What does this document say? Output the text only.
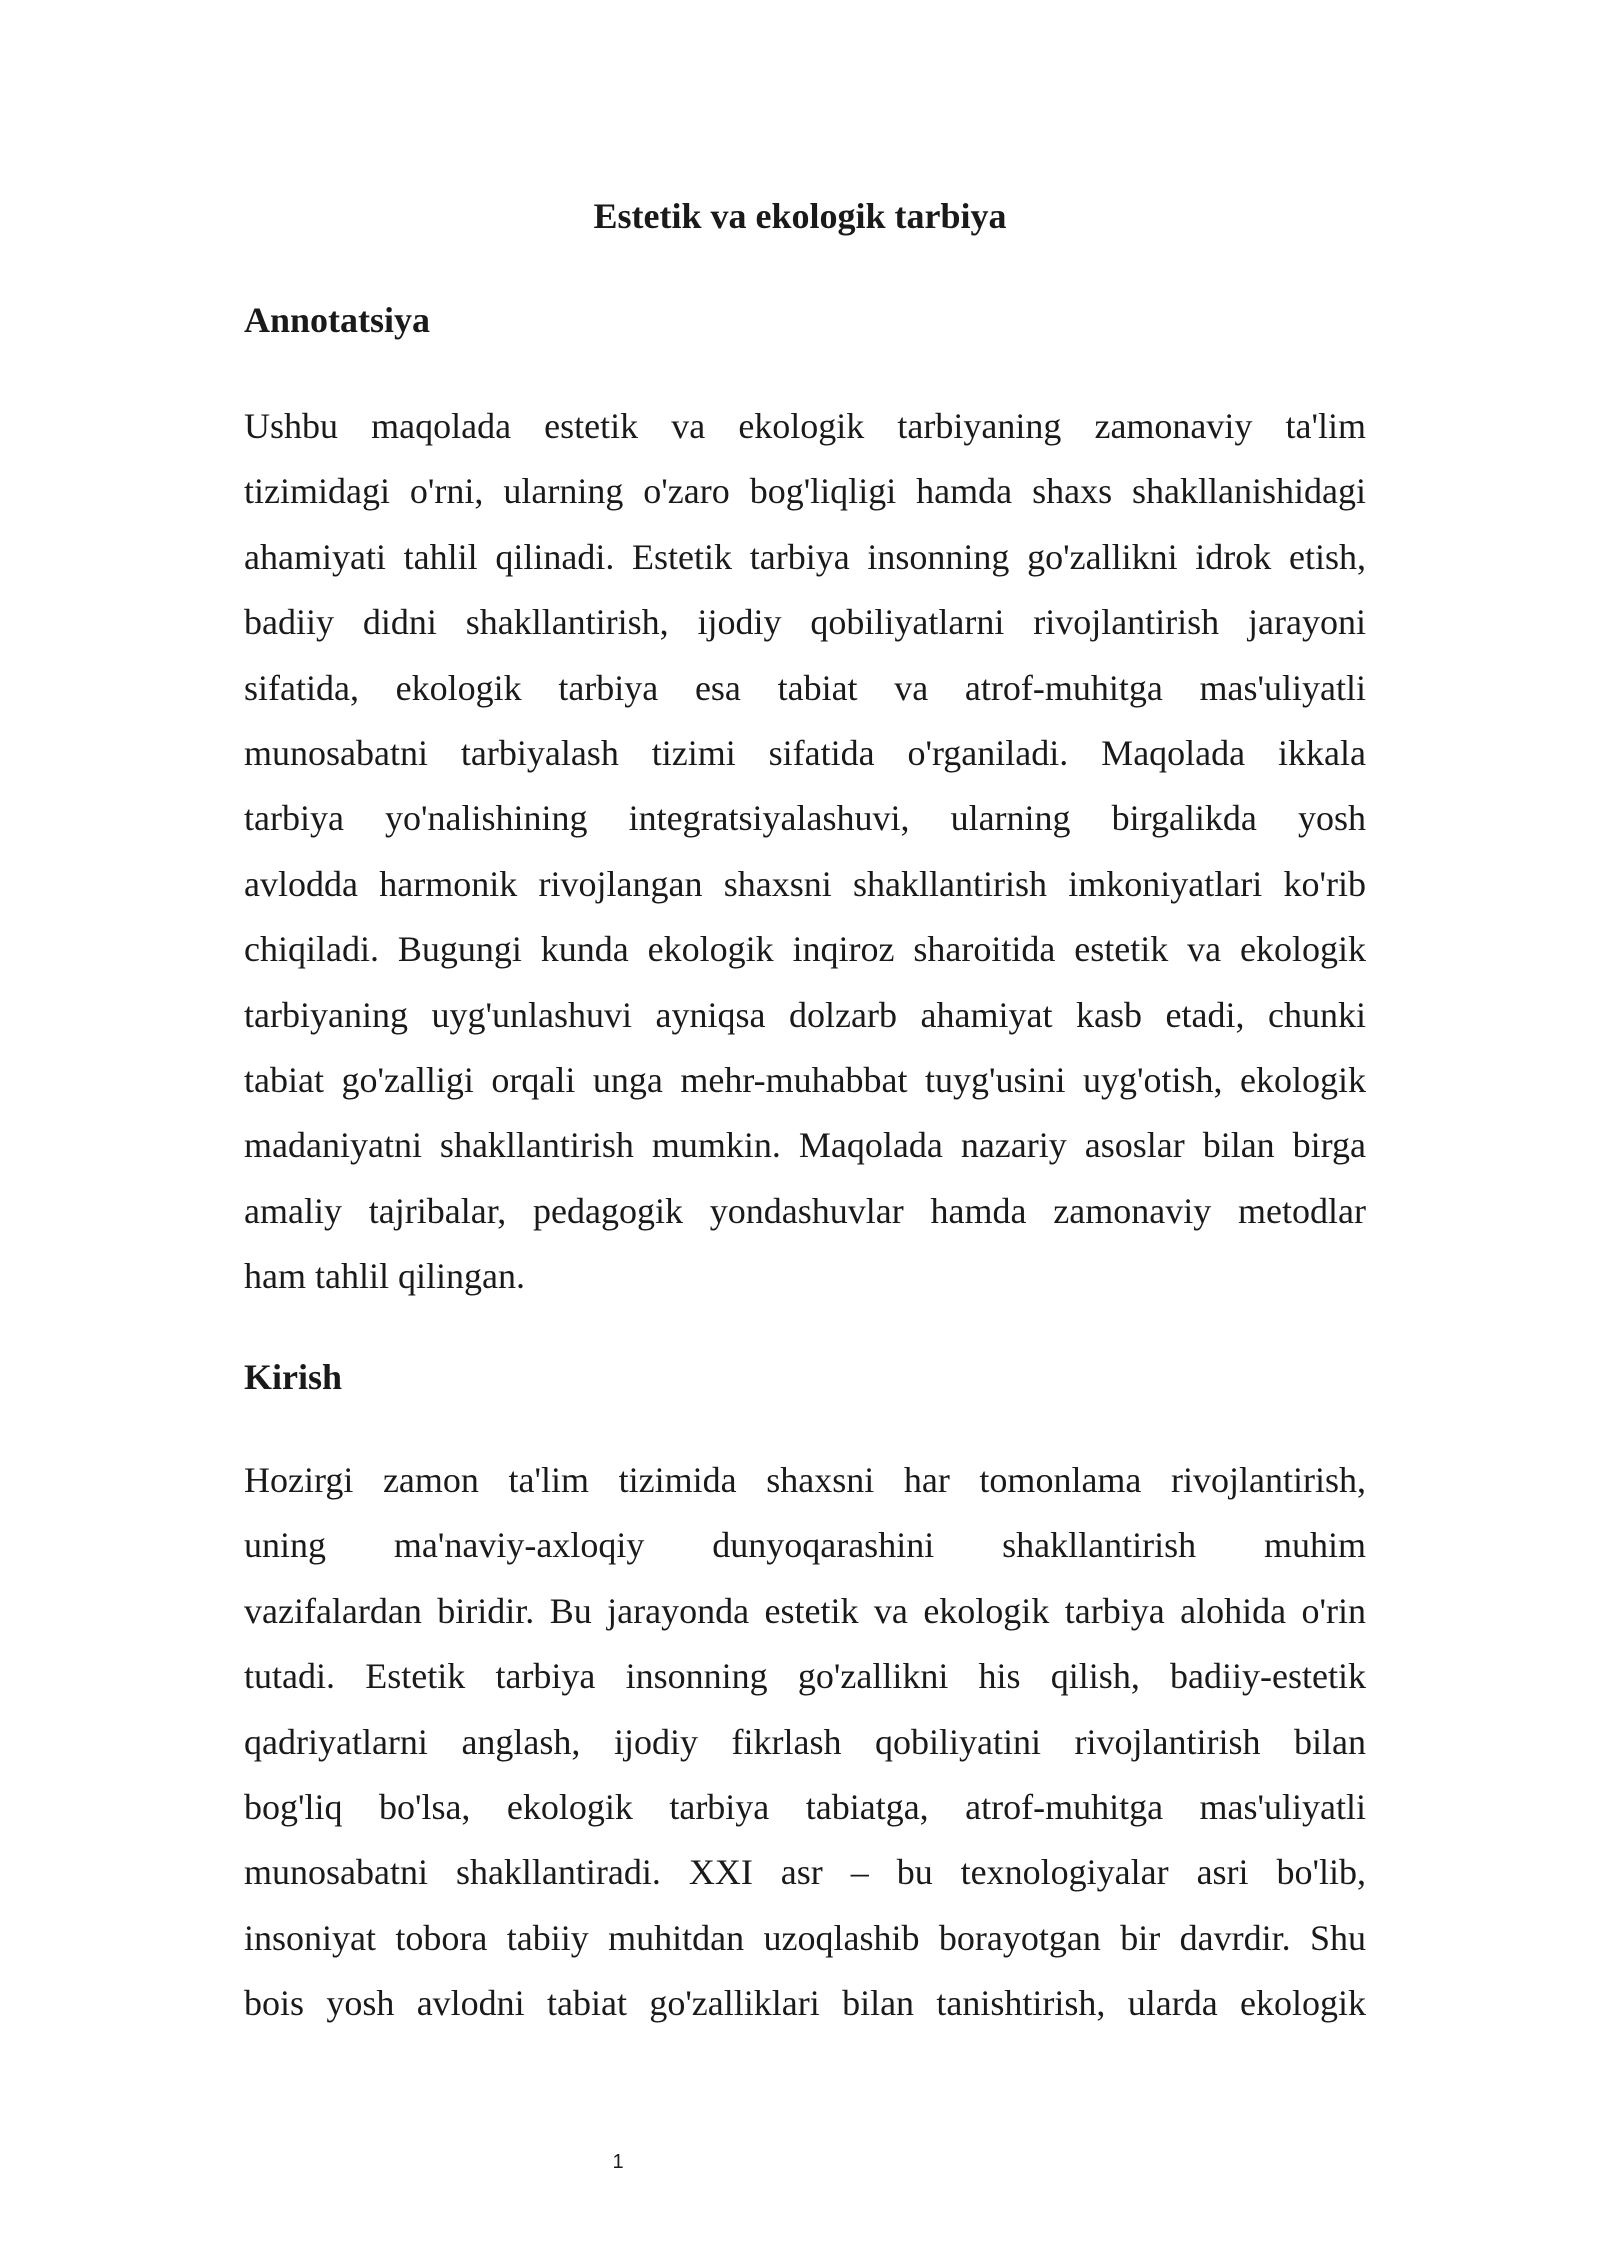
Estetik va ekologik tarbiya
Annotatsiya
Ushbu maqolada estetik va ekologik tarbiyaning zamonaviy ta'lim
tizimidagi o'rni, ularning o'zaro bog'liqligi hamda shaxs shakllanishidagi
ahamiyati tahlil qilinadi. Estetik tarbiya insonning go'zallikni idrok etish,
badiiy didni shakllantirish, ijodiy qobiliyatlarni rivojlantirish jarayoni
sifatida, ekologik tarbiya esa tabiat va atrof-muhitga mas'uliyatli
munosabatni tarbiyalash tizimi sifatida o'rganiladi. Maqolada ikkala
tarbiya yo'nalishining integratsiyalashuvi, ularning birgalikda yosh
avlodda harmonik rivojlangan shaxsni shakllantirish imkoniyatlari ko'rib
chiqiladi. Bugungi kunda ekologik inqiroz sharoitida estetik va ekologik
tarbiyaning uyg'unlashuvi ayniqsa dolzarb ahamiyat kasb etadi, chunki
tabiat go'zalligi orqali unga mehr-muhabbat tuyg'usini uyg'otish, ekologik
madaniyatni shakllantirish mumkin. Maqolada nazariy asoslar bilan birga
amaliy tajribalar, pedagogik yondashuvlar hamda zamonaviy metodlar
ham tahlil qilingan.
Kirish
Hozirgi zamon ta'lim tizimida shaxsni har tomonlama rivojlantirish,
uning ma'naviy-axloqiy dunyoqarashini shakllantirish muhim
vazifalardan biridir. Bu jarayonda estetik va ekologik tarbiya alohida o'rin
tutadi. Estetik tarbiya insonning go'zallikni his qilish, badiiy-estetik
qadriyatlarni anglash, ijodiy fikrlash qobiliyatini rivojlantirish bilan
bog'liq bo'lsa, ekologik tarbiya tabiatga, atrof-muhitga mas'uliyatli
munosabatni shakllantiradi. XXI asr – bu texnologiyalar asri bo'lib,
insoniyat tobora tabiiy muhitdan uzoqlashib borayotgan bir davrdir. Shu
bois yosh avlodni tabiat go'zalliklari bilan tanishtirish, ularda ekologik
1
